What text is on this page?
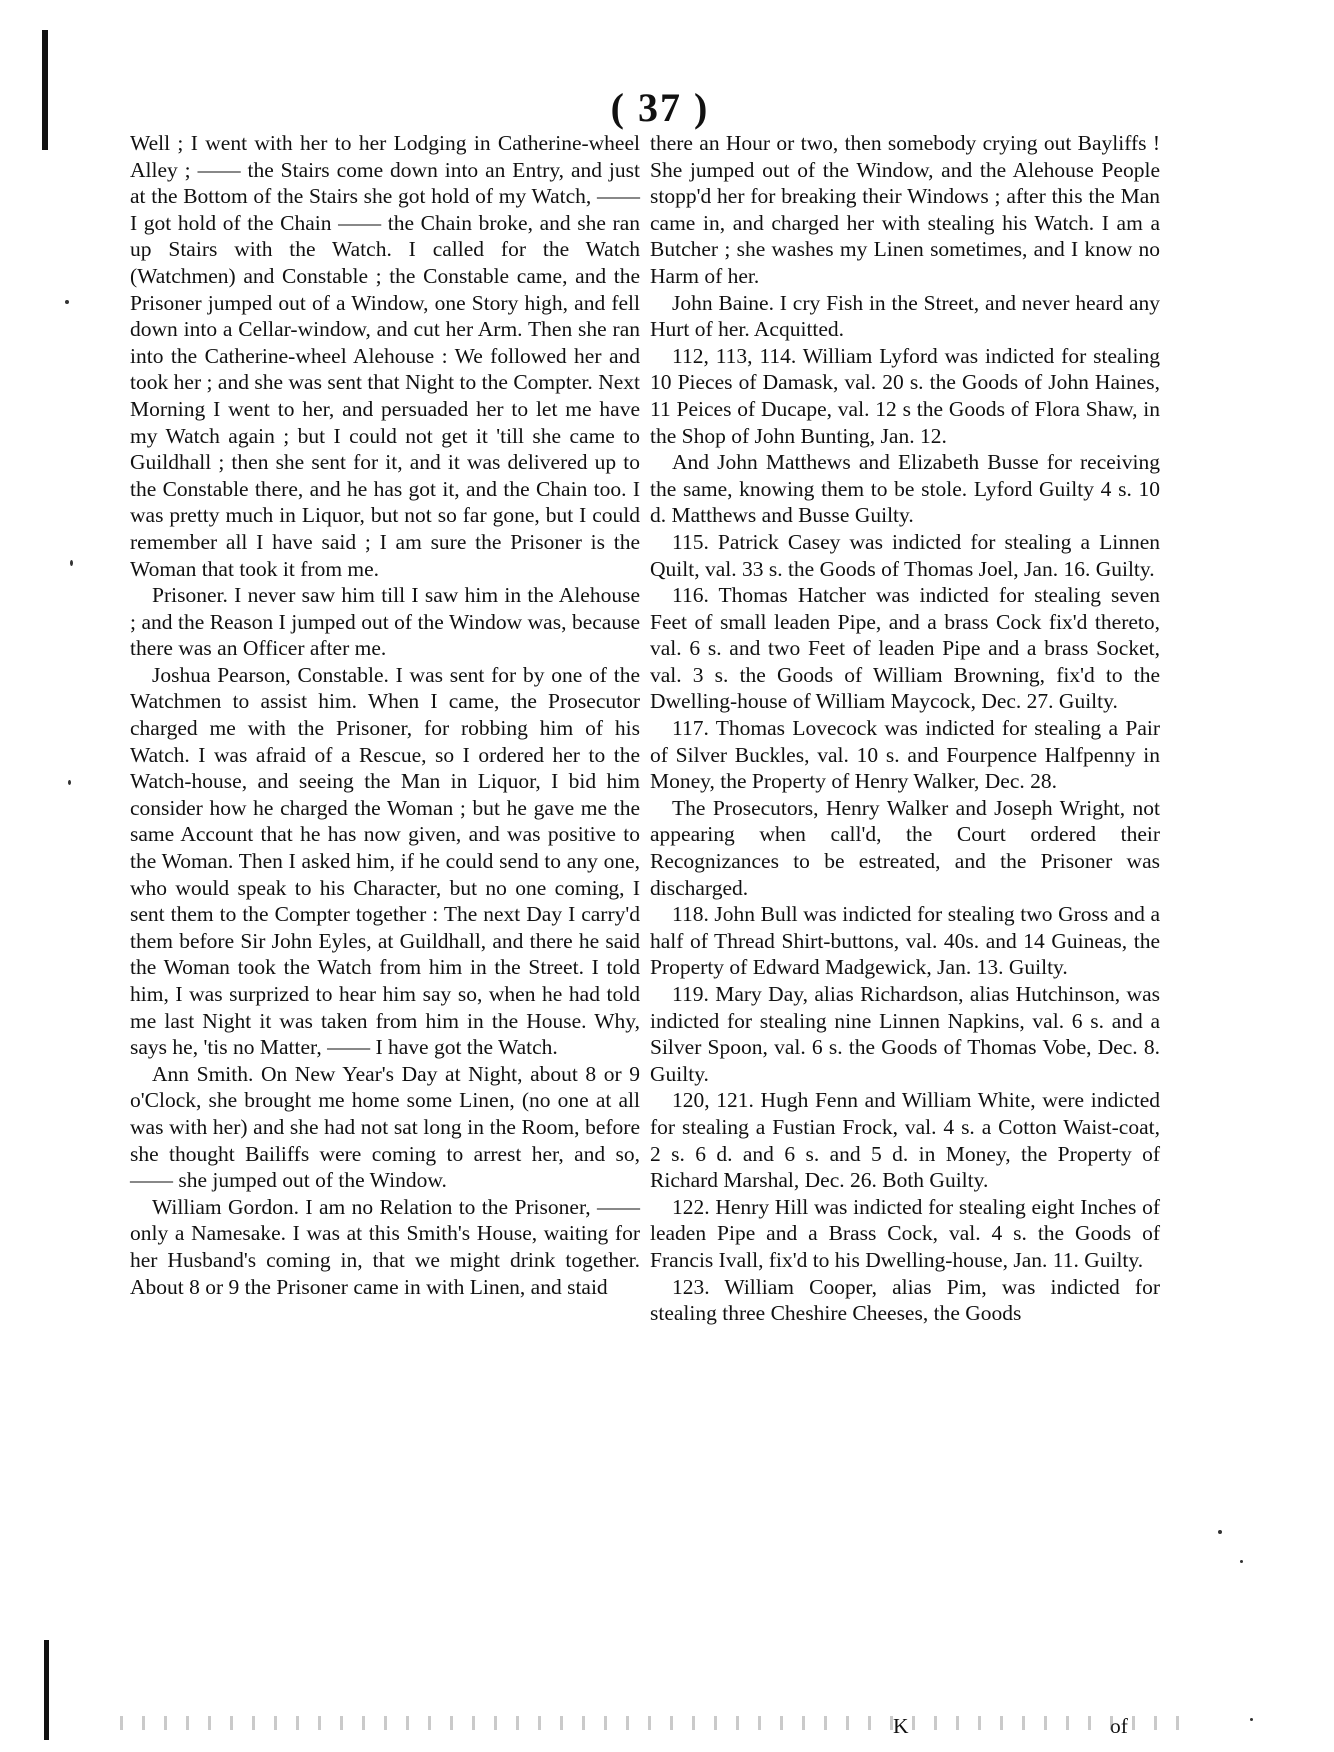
( 37 )

Well ; I went with her to her Lodging in Catherine-wheel Alley ; —— the Stairs come down into an Entry, and just at the Bottom of the Stairs she got hold of my Watch, —— I got hold of the Chain —— the Chain broke, and she ran up Stairs with the Watch. I called for the Watch (Watchmen) and Constable ; the Constable came, and the Prisoner jumped out of a Window, one Story high, and fell down into a Cellar-window, and cut her Arm. Then she ran into the Catherine-wheel Alehouse : We followed her and took her ; and she was sent that Night to the Compter. Next Morning I went to her, and persuaded her to let me have my Watch again ; but I could not get it 'till she came to Guildhall ; then she sent for it, and it was delivered up to the Constable there, and he has got it, and the Chain too. I was pretty much in Liquor, but not so far gone, but I could remember all I have said ; I am sure the Prisoner is the Woman that took it from me.

Prisoner. I never saw him till I saw him in the Alehouse ; and the Reason I jumped out of the Window was, because there was an Officer after me.

Joshua Pearson, Constable. I was sent for by one of the Watchmen to assist him. When I came, the Prosecutor charged me with the Prisoner, for robbing him of his Watch. I was afraid of a Rescue, so I ordered her to the Watch-house, and seeing the Man in Liquor, I bid him consider how he charged the Woman ; but he gave me the same Account that he has now given, and was positive to the Woman. Then I asked him, if he could send to any one, who would speak to his Character, but no one coming, I sent them to the Compter together : The next Day I carry'd them before Sir John Eyles, at Guildhall, and there he said the Woman took the Watch from him in the Street. I told him, I was surprized to hear him say so, when he had told me last Night it was taken from him in the House. Why, says he, 'tis no Matter, —— I have got the Watch.

Ann Smith. On New Year's Day at Night, about 8 or 9 o'Clock, she brought me home some Linen, (no one at all was with her) and she had not sat long in the Room, before she thought Bailiffs were coming to arrest her, and so, —— she jumped out of the Window.

William Gordon. I am no Relation to the Prisoner, —— only a Namesake. I was at this Smith's House, waiting for her Husband's coming in, that we might drink together. About 8 or 9 the Prisoner came in with Linen, and staid

there an Hour or two, then somebody crying out Bayliffs ! She jumped out of the Window, and the Alehouse People stopp'd her for breaking their Windows ; after this the Man came in, and charged her with stealing his Watch. I am a Butcher ; she washes my Linen sometimes, and I know no Harm of her.

John Baine. I cry Fish in the Street, and never heard any Hurt of her. Acquitted.

112, 113, 114. William Lyford was indicted for stealing 10 Pieces of Damask, val. 20 s. the Goods of John Haines, 11 Peices of Ducape, val. 12 s the Goods of Flora Shaw, in the Shop of John Bunting, Jan. 12.

And John Matthews and Elizabeth Busse for receiving the same, knowing them to be stole. Lyford Guilty 4 s. 10 d. Matthews and Busse Guilty.

115. Patrick Casey was indicted for stealing a Linnen Quilt, val. 33 s. the Goods of Thomas Joel, Jan. 16. Guilty.

116. Thomas Hatcher was indicted for stealing seven Feet of small leaden Pipe, and a brass Cock fix'd thereto, val. 6 s. and two Feet of leaden Pipe and a brass Socket, val. 3 s. the Goods of William Browning, fix'd to the Dwelling-house of William Maycock, Dec. 27. Guilty.

117. Thomas Lovecock was indicted for stealing a Pair of Silver Buckles, val. 10 s. and Fourpence Halfpenny in Money, the Property of Henry Walker, Dec. 28.

The Prosecutors, Henry Walker and Joseph Wright, not appearing when call'd, the Court ordered their Recognizances to be estreated, and the Prisoner was discharged.

118. John Bull was indicted for stealing two Gross and a half of Thread Shirt-buttons, val. 40s. and 14 Guineas, the Property of Edward Madgewick, Jan. 13. Guilty.

119. Mary Day, alias Richardson, alias Hutchinson, was indicted for stealing nine Linnen Napkins, val. 6 s. and a Silver Spoon, val. 6 s. the Goods of Thomas Vobe, Dec. 8. Guilty.

120, 121. Hugh Fenn and William White, were indicted for stealing a Fustian Frock, val. 4 s. a Cotton Waist-coat, 2 s. 6 d. and 6 s. and 5 d. in Money, the Property of Richard Marshal, Dec. 26. Both Guilty.

122. Henry Hill was indicted for stealing eight Inches of leaden Pipe and a Brass Cock, val. 4 s. the Goods of Francis Ivall, fix'd to his Dwelling-house, Jan. 11. Guilty.

123. William Cooper, alias Pim, was indicted for stealing three Cheshire Cheeses, the Goods

K	of
